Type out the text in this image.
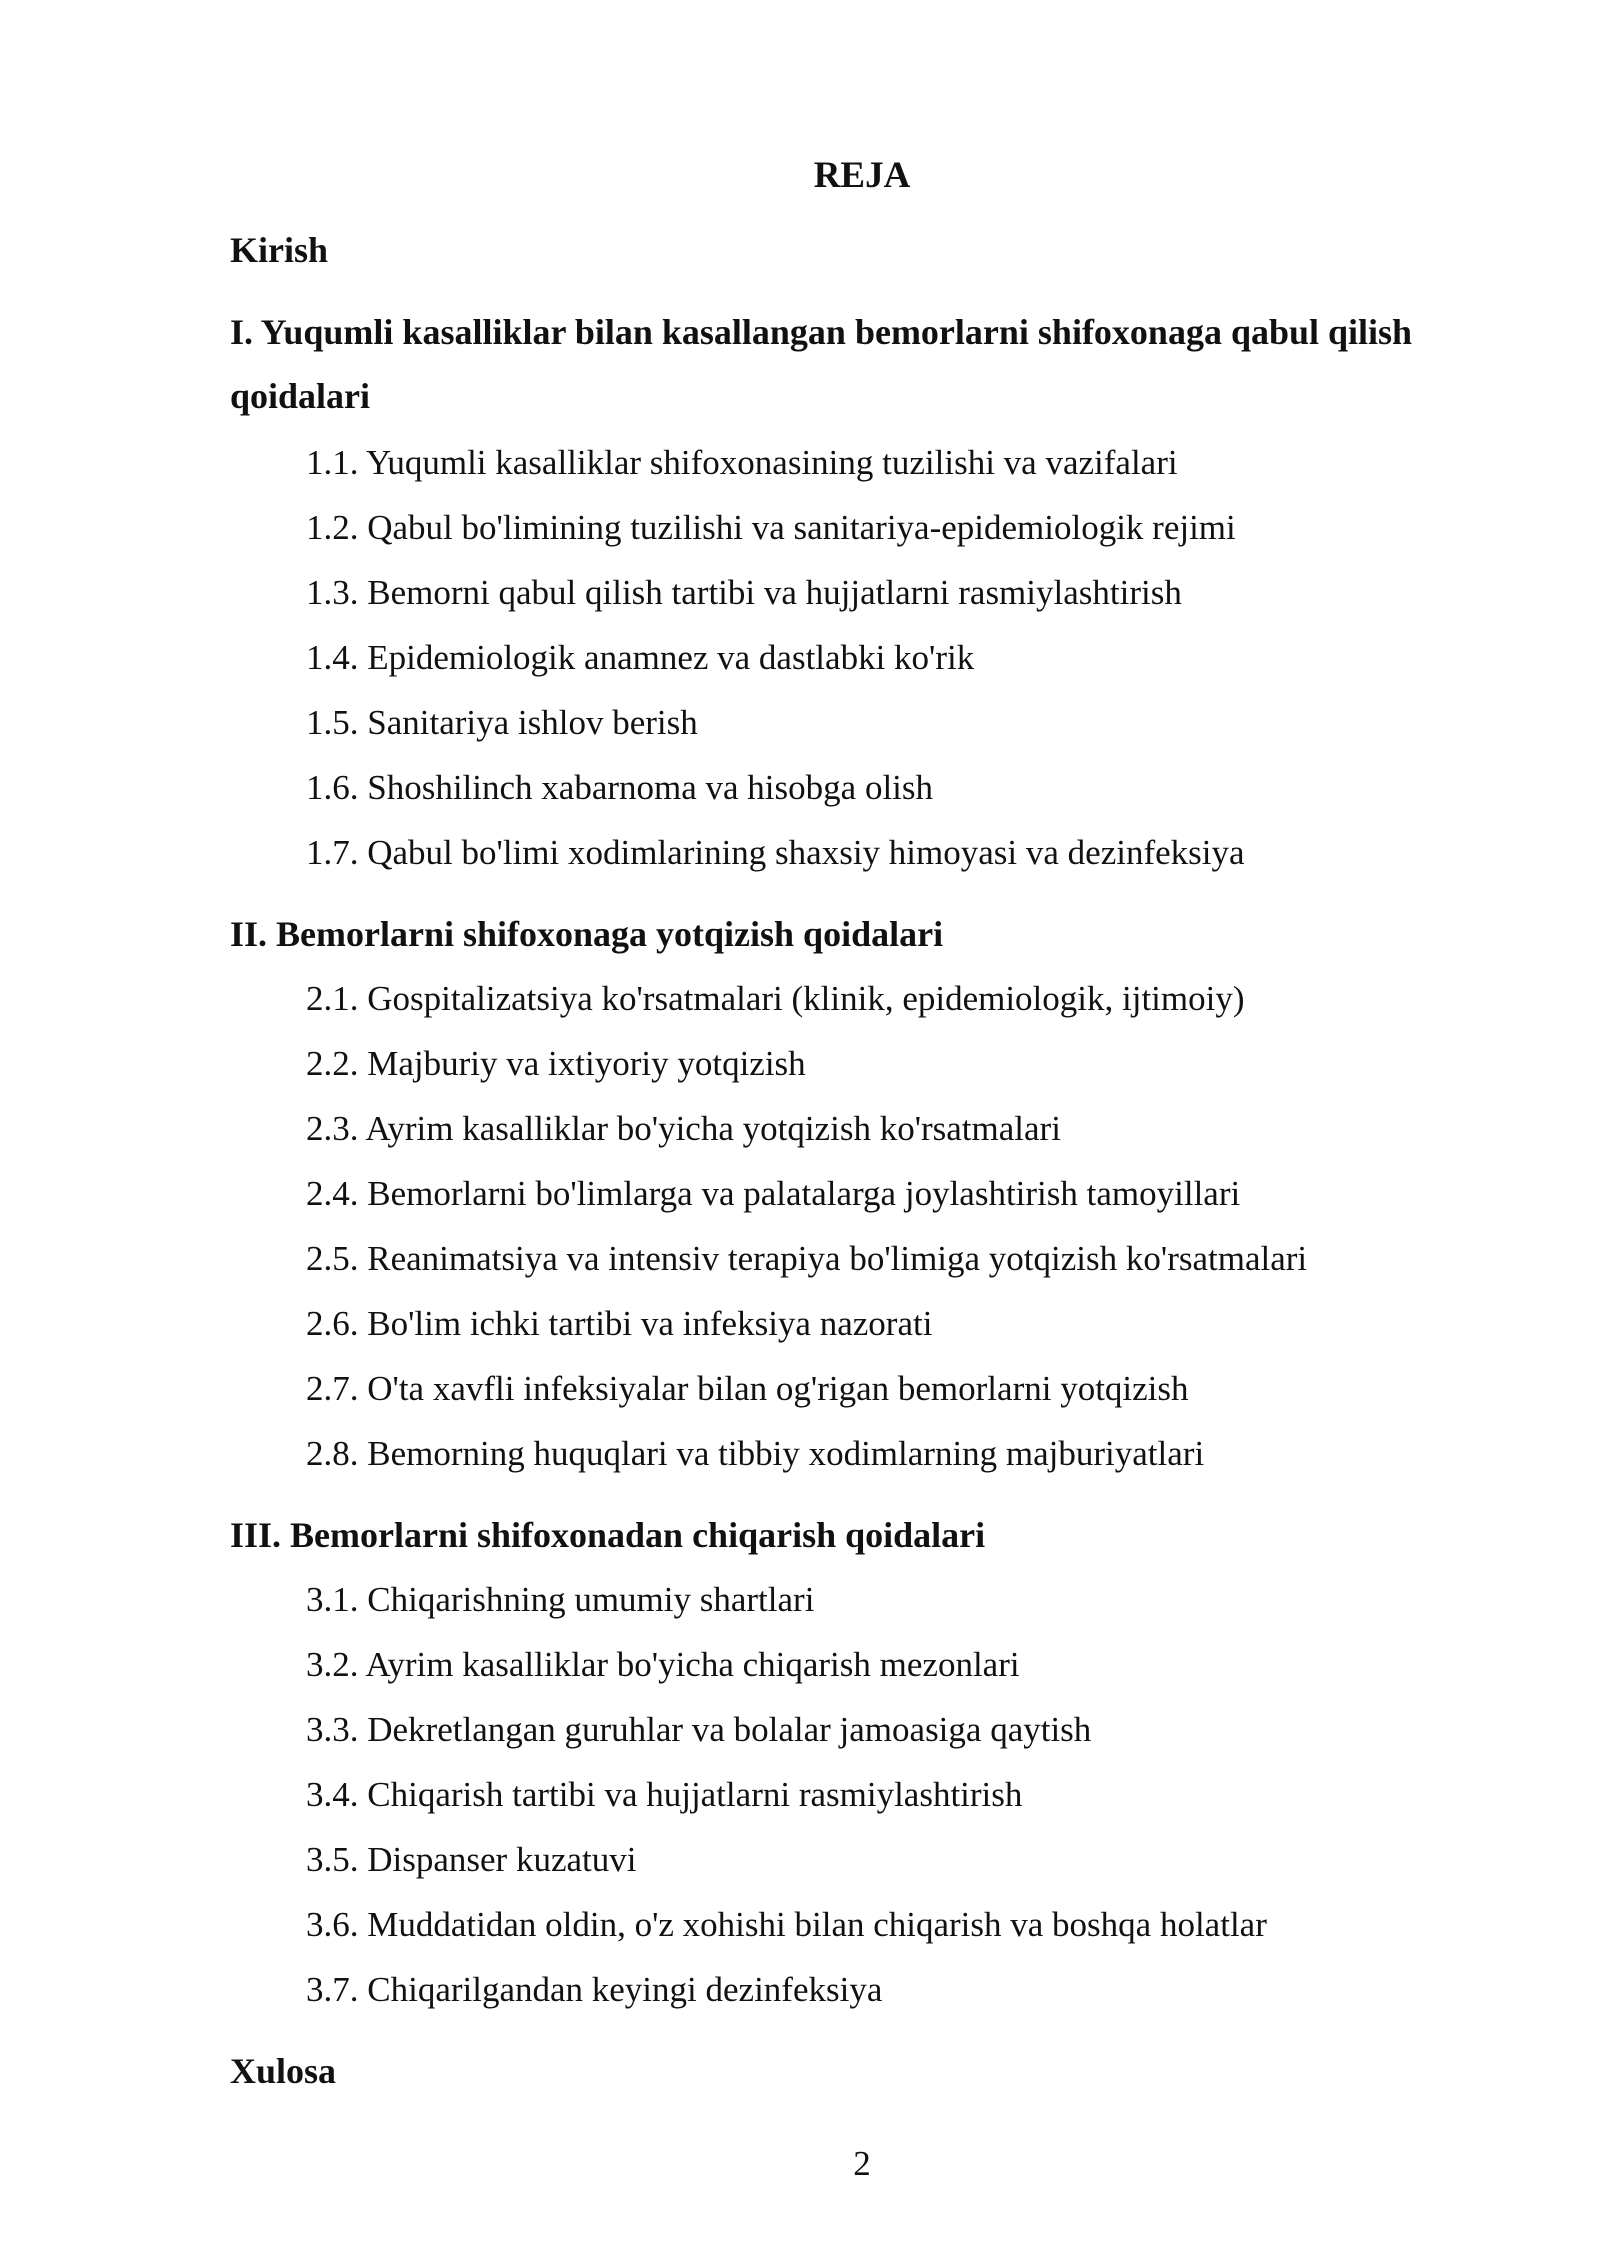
REJA

Kirish

I. Yuqumli kasalliklar bilan kasallangan bemorlarni shifoxonaga qabul qilish qoidalari

1.1. Yuqumli kasalliklar shifoxonasining tuzilishi va vazifalari

1.2. Qabul bo'limining tuzilishi va sanitariya-epidemiologik rejimi

1.3. Bemorni qabul qilish tartibi va hujjatlarni rasmiylashtirish

1.4. Epidemiologik anamnez va dastlabki ko'rik

1.5. Sanitariya ishlov berish

1.6. Shoshilinch xabarnoma va hisobga olish

1.7. Qabul bo'limi xodimlarining shaxsiy himoyasi va dezinfeksiya

II. Bemorlarni shifoxonaga yotqizish qoidalari

2.1. Gospitalizatsiya ko'rsatmalari (klinik, epidemiologik, ijtimoiy)

2.2. Majburiy va ixtiyoriy yotqizish

2.3. Ayrim kasalliklar bo'yicha yotqizish ko'rsatmalari

2.4. Bemorlarni bo'limlarga va palatalarga joylashtirish tamoyillari

2.5. Reanimatsiya va intensiv terapiya bo'limiga yotqizish ko'rsatmalari

2.6. Bo'lim ichki tartibi va infeksiya nazorati

2.7. O'ta xavfli infeksiyalar bilan og'rigan bemorlarni yotqizish

2.8. Bemorning huquqlari va tibbiy xodimlarning majburiyatlari

III. Bemorlarni shifoxonadan chiqarish qoidalari

3.1. Chiqarishning umumiy shartlari

3.2. Ayrim kasalliklar bo'yicha chiqarish mezonlari

3.3. Dekretlangan guruhlar va bolalar jamoasiga qaytish

3.4. Chiqarish tartibi va hujjatlarni rasmiylashtirish

3.5. Dispanser kuzatuvi

3.6. Muddatidan oldin, o'z xohishi bilan chiqarish va boshqa holatlar

3.7. Chiqarilgandan keyingi dezinfeksiya

Xulosa

2
